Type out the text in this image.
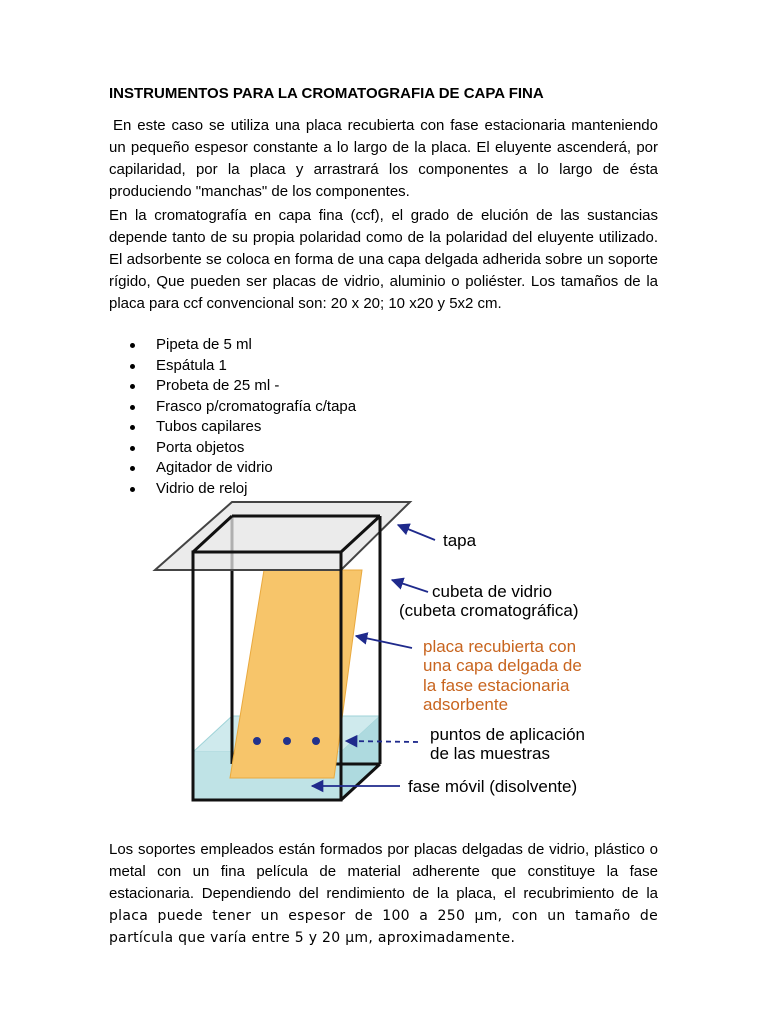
INSTRUMENTOS PARA LA CROMATOGRAFIA DE CAPA FINA

En este caso se utiliza una placa recubierta con fase estacionaria manteniendo un pequeño espesor constante a lo largo de la placa. El eluyente ascenderá, por capilaridad, por la placa y arrastrará los componentes a lo largo de ésta produciendo "manchas" de los componentes.

En la cromatografía en capa fina (ccf), el grado de elución de las sustancias depende tanto de su propia polaridad como de la polaridad del eluyente utilizado. El adsorbente se coloca en forma de una capa delgada adherida sobre un soporte rígido, Que pueden ser placas de vidrio, aluminio o poliéster. Los tamaños de la placa para ccf convencional son: 20 x 20; 10 x20 y 5x2 cm.

Pipeta de 5 ml
Espátula 1
Probeta de 25 ml -
Frasco p/cromatografía c/tapa
Tubos capilares
Porta objetos
Agitador de vidrio
Vidrio de reloj
tapa
cubeta de vidrio
(cubeta cromatográfica)
placa recubierta con
una capa delgada de
la fase estacionaria
adsorbente
puntos de aplicación
de las muestras
fase móvil (disolvente)

Los soportes empleados están formados por placas delgadas de vidrio, plástico o metal con un fina película de material adherente que constituye la fase estacionaria. Dependiendo del rendimiento de la placa, el recubrimiento de la placa puede tener un espesor de 100 a 250 µm, con un tamaño de partícula que varía entre 5 y 20 µm, aproximadamente.
